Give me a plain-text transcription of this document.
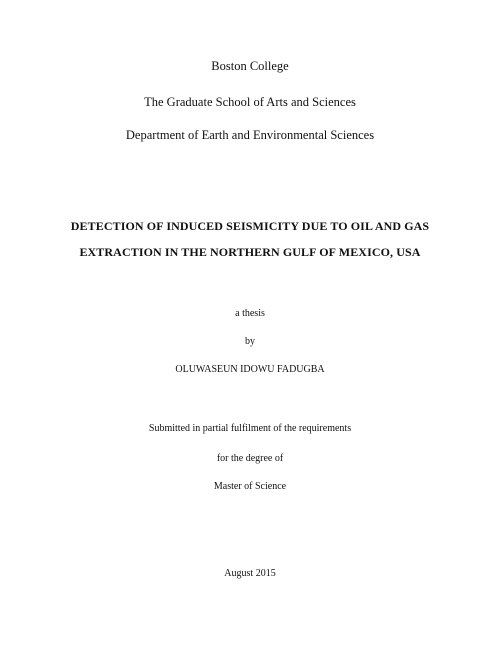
Boston College
The Graduate School of Arts and Sciences
Department of Earth and Environmental Sciences
DETECTION OF INDUCED SEISMICITY DUE TO OIL AND GAS
EXTRACTION IN THE NORTHERN GULF OF MEXICO, USA
a thesis
by
OLUWASEUN IDOWU FADUGBA
Submitted in partial fulfilment of the requirements
for the degree of
Master of Science
August 2015
